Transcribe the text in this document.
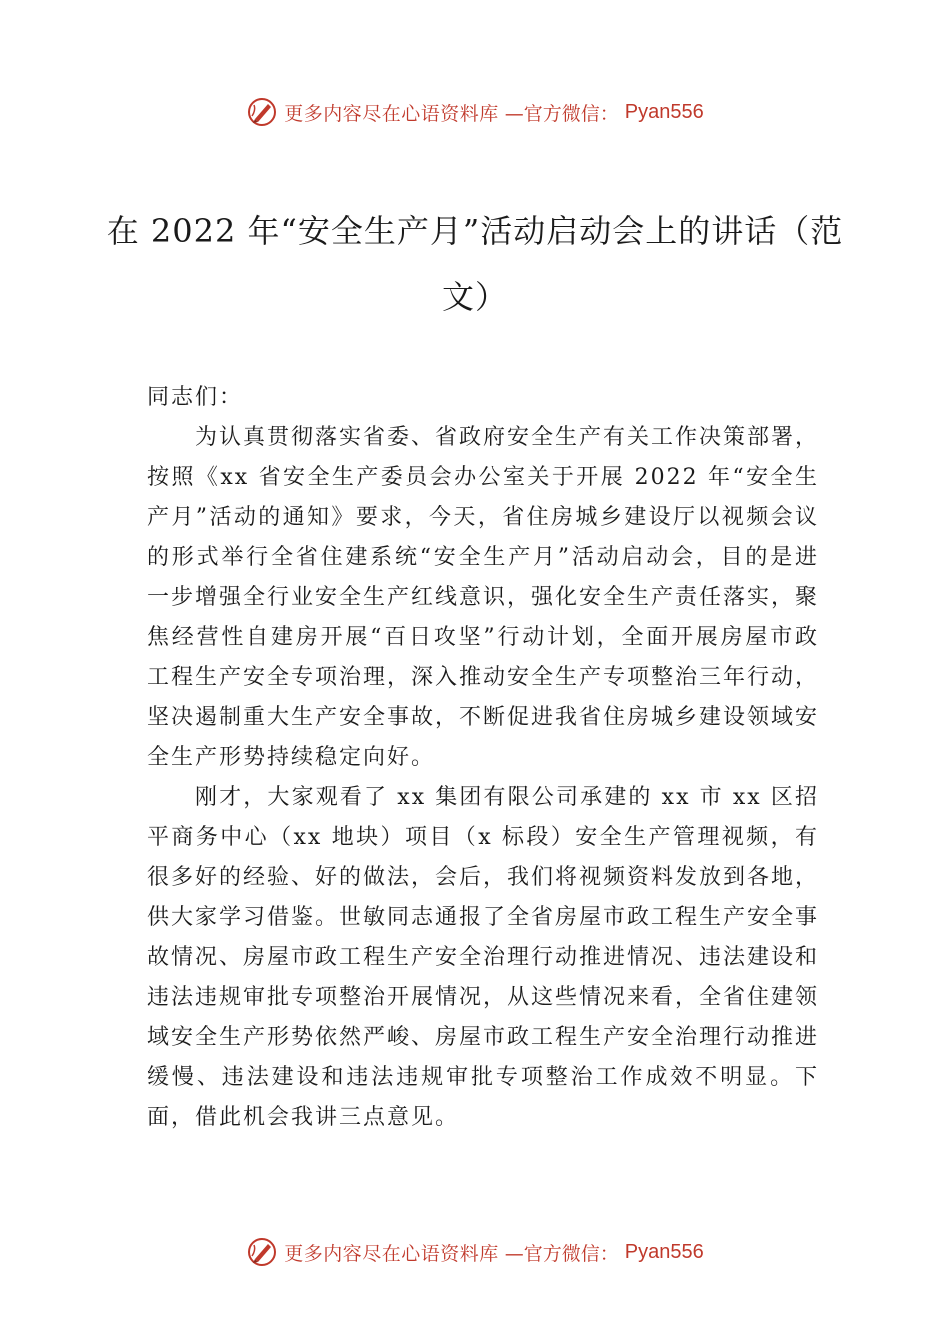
更多内容尽在心语资料库 —官方微信： Pyan556
在 2022 年“安全生产月”活动启动会上的讲话（范文）

同志们：

为认真贯彻落实省委、省政府安全生产有关工作决策部署，按照《xx 省安全生产委员会办公室关于开展 2022 年“安全生产月”活动的通知》要求，今天，省住房城乡建设厅以视频会议的形式举行全省住建系统“安全生产月”活动启动会，目的是进一步增强全行业安全生产红线意识，强化安全生产责任落实，聚焦经营性自建房开展“百日攻坚”行动计划，全面开展房屋市政工程生产安全专项治理，深入推动安全生产专项整治三年行动，坚决遏制重大生产安全事故，不断促进我省住房城乡建设领域安全生产形势持续稳定向好。

刚才，大家观看了 xx 集团有限公司承建的 xx 市 xx 区招平商务中心（xx 地块）项目（x 标段）安全生产管理视频，有很多好的经验、好的做法，会后，我们将视频资料发放到各地，供大家学习借鉴。世敏同志通报了全省房屋市政工程生产安全事故情况、房屋市政工程生产安全治理行动推进情况、违法建设和违法违规审批专项整治开展情况，从这些情况来看，全省住建领域安全生产形势依然严峻、房屋市政工程生产安全治理行动推进缓慢、违法建设和违法违规审批专项整治工作成效不明显。下面，借此机会我讲三点意见。

更多内容尽在心语资料库 —官方微信： Pyan556
